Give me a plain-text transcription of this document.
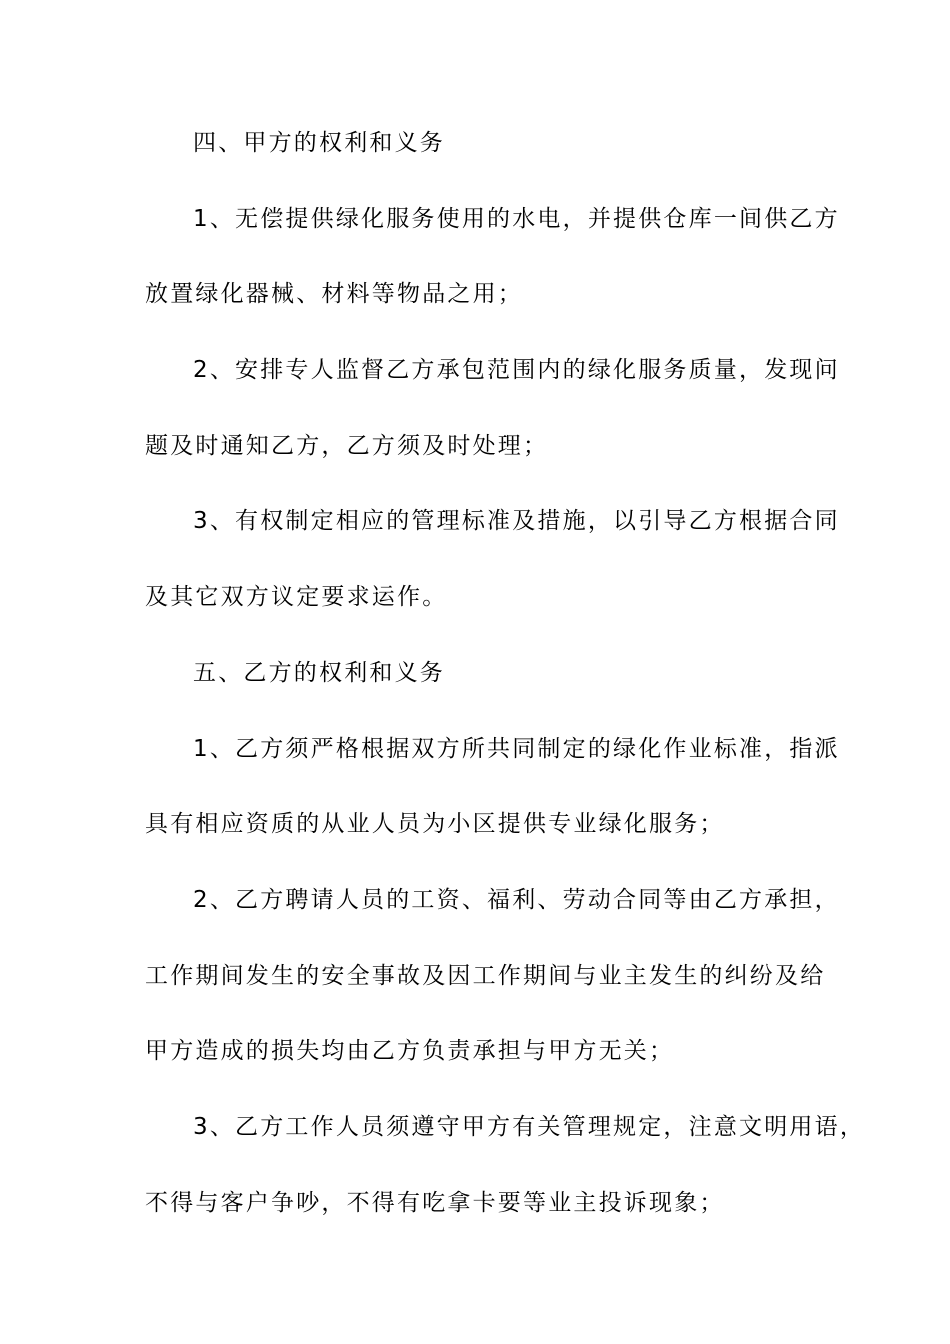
四、甲方的权利和义务
1、无偿提供绿化服务使用的水电，并提供仓库一间供乙方
放置绿化器械、材料等物品之用；
2、安排专人监督乙方承包范围内的绿化服务质量，发现问
题及时通知乙方，乙方须及时处理；
3、有权制定相应的管理标准及措施，以引导乙方根据合同
及其它双方议定要求运作。
五、乙方的权利和义务
1、乙方须严格根据双方所共同制定的绿化作业标准，指派
具有相应资质的从业人员为小区提供专业绿化服务；
2、乙方聘请人员的工资、福利、劳动合同等由乙方承担，
工作期间发生的安全事故及因工作期间与业主发生的纠纷及给
甲方造成的损失均由乙方负责承担与甲方无关；
3、乙方工作人员须遵守甲方有关管理规定，注意文明用语，
不得与客户争吵，不得有吃拿卡要等业主投诉现象；
